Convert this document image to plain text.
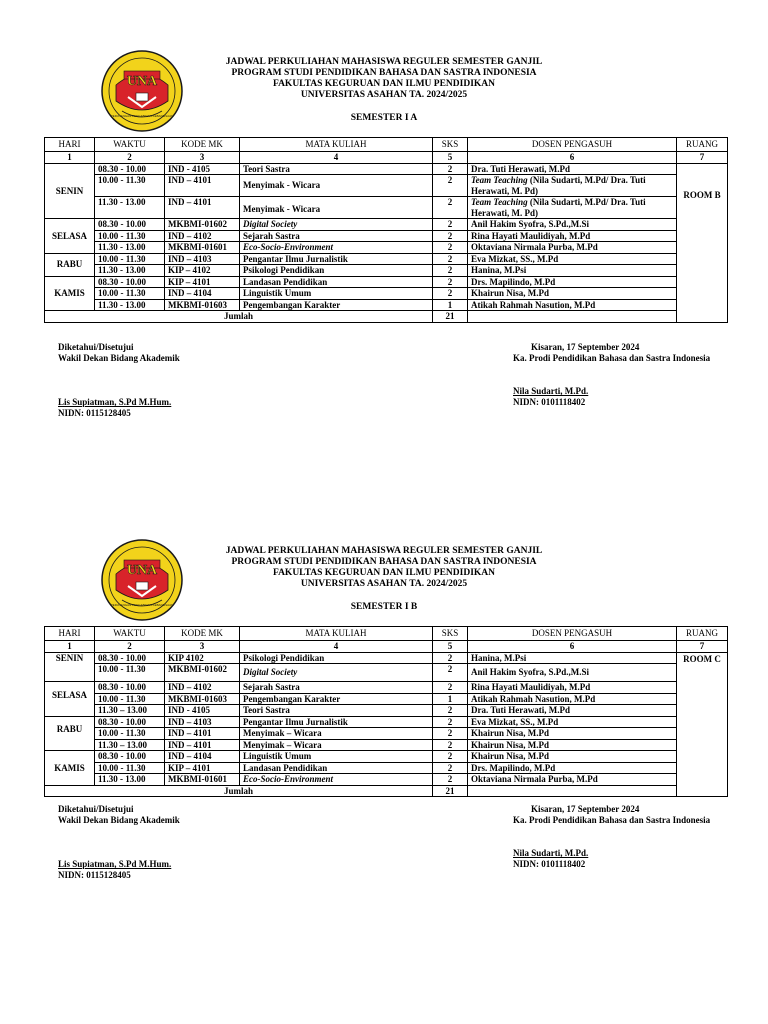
UNA
PERJUANGAN PENGABDIAN KEBANGSAAN
JADWAL PERKULIAHAN MAHASISWA REGULER SEMESTER GANJIL
PROGRAM STUDI PENDIDIKAN BAHASA DAN SASTRA INDONESIA
FAKULTAS KEGURUAN DAN ILMU PENDIDIKAN
UNIVERSITAS ASAHAN TA. 2024/2025
SEMESTER I A
HARI	WAKTU	KODE MK	MATA KULIAH	SKS	DOSEN PENGASUH	RUANG
1	2	3	4	5	6	7
SENIN	08.30 - 10.00	IND - 4105	Teori Sastra	2	Dra. Tuti Herawati, M.Pd	ROOM B
	10.00 - 11.30	IND – 4101	Menyimak - Wicara	2	Team Teaching (Nila Sudarti, M.Pd/ Dra. Tuti Herawati, M. Pd)	
	11.30 - 13.00	IND – 4101	Menyimak - Wicara	2	Team Teaching (Nila Sudarti, M.Pd/ Dra. Tuti Herawati, M. Pd)	
SELASA	08.30 - 10.00	MKBMI-01602	Digital Society	2	Anil Hakim Syofra, S.Pd.,M.Si	
	10.00 - 11.30	IND – 4102	Sejarah Sastra	2	Rina Hayati Maulidiyah, M.Pd	
	11.30 - 13.00	MKBMI-01601	Eco-Socio-Environment	2	Oktaviana Nirmala Purba, M.Pd	
RABU	10.00 - 11.30	IND – 4103	Pengantar Ilmu Jurnalistik	2	Eva Mizkat, SS., M.Pd	
	11.30 - 13.00	KIP – 4102	Psikologi Pendidikan	2	Hanina, M.Psi	
KAMIS	08.30 - 10.00	KIP – 4101	Landasan Pendidikan	2	Drs. Mapilindo, M.Pd	
	10.00 - 11.30	IND – 4104	Linguistik Umum	2	Khairun Nisa, M.Pd	
	11.30 - 13.00	MKBMI-01603	Pengembangan Karakter	1	Atikah Rahmah Nasution, M.Pd	
Jumlah				21		
Diketahui/Disetujui
Wakil Dekan Bidang Akademik
Lis Supiatman, S.Pd M.Hum.
NIDN: 0115128405
Kisaran, 17 September 2024
Ka. Prodi Pendidikan Bahasa dan Sastra Indonesia
Nila Sudarti, M.Pd.
NIDN: 0101118402
UNA
PERJUANGAN PENGABDIAN KEBANGSAAN
JADWAL PERKULIAHAN MAHASISWA REGULER SEMESTER GANJIL
PROGRAM STUDI PENDIDIKAN BAHASA DAN SASTRA INDONESIA
FAKULTAS KEGURUAN DAN ILMU PENDIDIKAN
UNIVERSITAS ASAHAN TA. 2024/2025
SEMESTER I B
HARI	WAKTU	KODE MK	MATA KULIAH	SKS	DOSEN PENGASUH	RUANG
1	2	3	4	5	6	7
SENIN	08.30 - 10.00	KIP 4102	Psikologi Pendidikan	2	Hanina, M.Psi	ROOM C
	10.00 - 11.30	MKBMI-01602	Digital Society	2	Anil Hakim Syofra, S.Pd.,M.Si	
SELASA	08.30 - 10.00	IND – 4102	Sejarah Sastra	2	Rina Hayati Maulidiyah, M.Pd	
	10.00 - 11.30	MKBMI-01603	Pengembangan Karakter	1	Atikah Rahmah Nasution, M.Pd	
	11.30 – 13.00	IND - 4105	Teori Sastra	2	Dra. Tuti Herawati, M.Pd	
RABU	08.30 - 10.00	IND – 4103	Pengantar Ilmu Jurnalistik	2	Eva Mizkat, SS., M.Pd	
	10.00 - 11.30	IND – 4101	Menyimak – Wicara	2	Khairun Nisa, M.Pd	
	11.30 – 13.00	IND – 4101	Menyimak – Wicara	2	Khairun Nisa, M.Pd	
KAMIS	08.30 - 10.00	IND – 4104	Linguistik Umum	2	Khairun Nisa, M.Pd	
	10.00 - 11.30	KIP – 4101	Landasan Pendidikan	2	Drs. Mapilindo, M.Pd	
	11.30 - 13.00	MKBMI-01601	Eco-Socio-Environment	2	Oktaviana Nirmala Purba, M.Pd	
Jumlah				21		
Diketahui/Disetujui
Wakil Dekan Bidang Akademik
Lis Supiatman, S.Pd M.Hum.
NIDN: 0115128405
Kisaran, 17 September 2024
Ka. Prodi Pendidikan Bahasa dan Sastra Indonesia
Nila Sudarti, M.Pd.
NIDN: 0101118402
